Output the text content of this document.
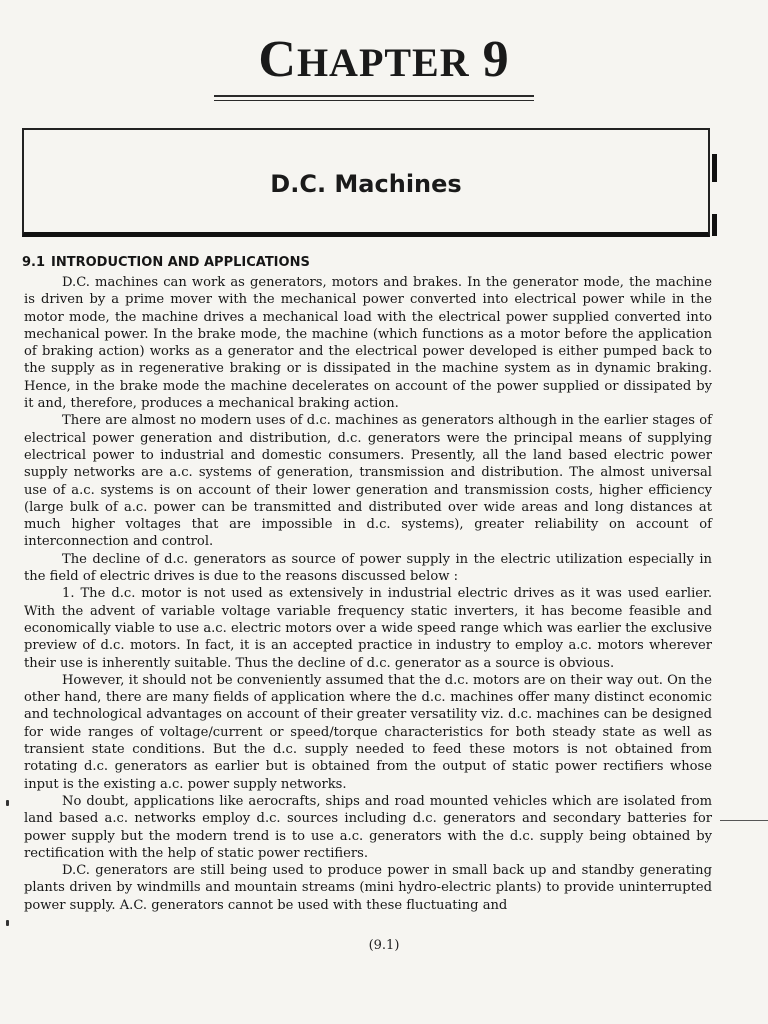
CHAPTER 9
D.C. Machines
9.1 INTRODUCTION AND APPLICATIONS

D.C. machines can work as generators, motors and brakes. In the generator mode, the machine is driven by a prime mover with the mechanical power converted into electrical power while in the motor mode, the machine drives a mechanical load with the electrical power supplied converted into mechanical power. In the brake mode, the machine (which functions as a motor before the application of braking action) works as a generator and the electrical power developed is either pumped back to the supply as in regenerative braking or is dissipated in the machine system as in dynamic braking. Hence, in the brake mode the machine decelerates on account of the power supplied or dissipated by it and, therefore, produces a mechanical braking action.

There are almost no modern uses of d.c. machines as generators although in the earlier stages of electrical power generation and distribution, d.c. generators were the principal means of supplying electrical power to industrial and domestic consumers. Presently, all the land based electric power supply networks are a.c. systems of generation, transmission and distribution. The almost universal use of a.c. systems is on account of their lower generation and transmission costs, higher efficiency (large bulk of a.c. power can be transmitted and distributed over wide areas and long distances at much higher voltages that are impossible in d.c. systems), greater reliability on account of interconnection and control.

The decline of d.c. generators as source of power supply in the electric utilization especially in the field of electric drives is due to the reasons discussed below :

1. The d.c. motor is not used as extensively in industrial electric drives as it was used earlier. With the advent of variable voltage variable frequency static inverters, it has become feasible and economically viable to use a.c. electric motors over a wide speed range which was earlier the exclusive preview of d.c. motors. In fact, it is an accepted practice in industry to employ a.c. motors wherever their use is inherently suitable. Thus the decline of d.c. generator as a source is obvious.

However, it should not be conveniently assumed that the d.c. motors are on their way out. On the other hand, there are many fields of application where the d.c. machines offer many distinct economic and technological advantages on account of their greater versatility viz. d.c. machines can be designed for wide ranges of voltage/current or speed/torque characteristics for both steady state as well as transient state conditions. But the d.c. supply needed to feed these motors is not obtained from rotating d.c. generators as earlier but is obtained from the output of static power rectifiers whose input is the existing a.c. power supply networks.

No doubt, applications like aerocrafts, ships and road mounted vehicles which are isolated from land based a.c. networks employ d.c. sources including d.c. generators and secondary batteries for power supply but the modern trend is to use a.c. generators with the d.c. supply being obtained by rectification with the help of static power rectifiers.

D.C. generators are still being used to produce power in small back up and standby generating plants driven by windmills and mountain streams (mini hydro-electric plants) to provide uninterrupted power supply. A.C. generators cannot be used with these fluctuating and

(9.1)
